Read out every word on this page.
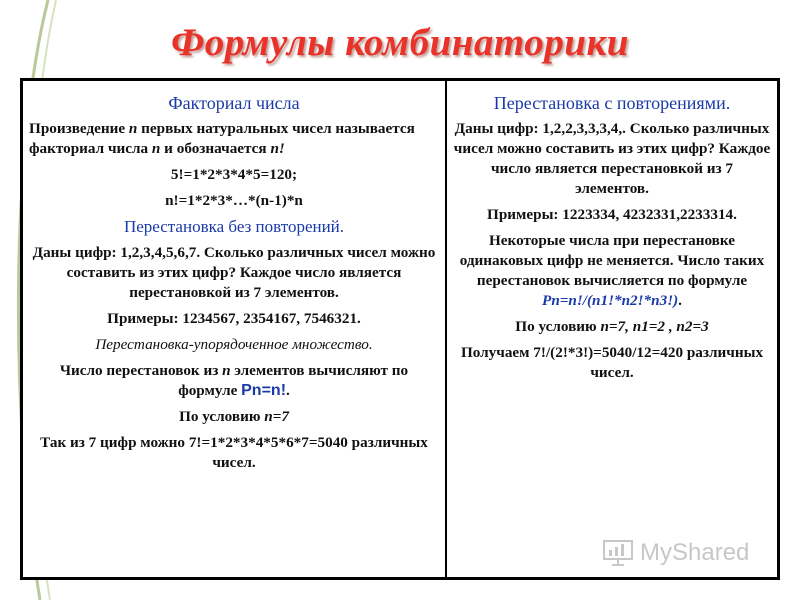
Формулы комбинаторики
Факториал числа
Произведение n первых натуральных чисел называется факториал числа n и обозначается n!
5!=1*2*3*4*5=120;
n!=1*2*3*…*(n-1)*n
Перестановка без повторений.
Даны цифр: 1,2,3,4,5,6,7. Сколько различных чисел можно составить из этих цифр? Каждое число является перестановкой из 7 элементов.
Примеры: 1234567, 2354167, 7546321.
Перестановка-упорядоченное множество.
Число перестановок из n элементов вычисляют по формуле Pn=n!.
По условию n=7
Так из 7 цифр можно 7!=1*2*3*4*5*6*7=5040 различных чисел.
Перестановка с повторениями.
Даны цифр: 1,2,2,3,3,3,4,. Сколько различных чисел можно составить из этих цифр? Каждое число является перестановкой из 7 элементов.
Примеры: 1223334, 4232331,2233314.
Некоторые числа при перестановке одинаковых цифр не меняется. Число таких перестановок вычисляется по формуле Pn=n!/(n1!*n2!*n3!).
По условию n=7, n1=2 , n2=3
Получаем 7!/(2!*3!)=5040/12=420 различных чисел.
MyShared
